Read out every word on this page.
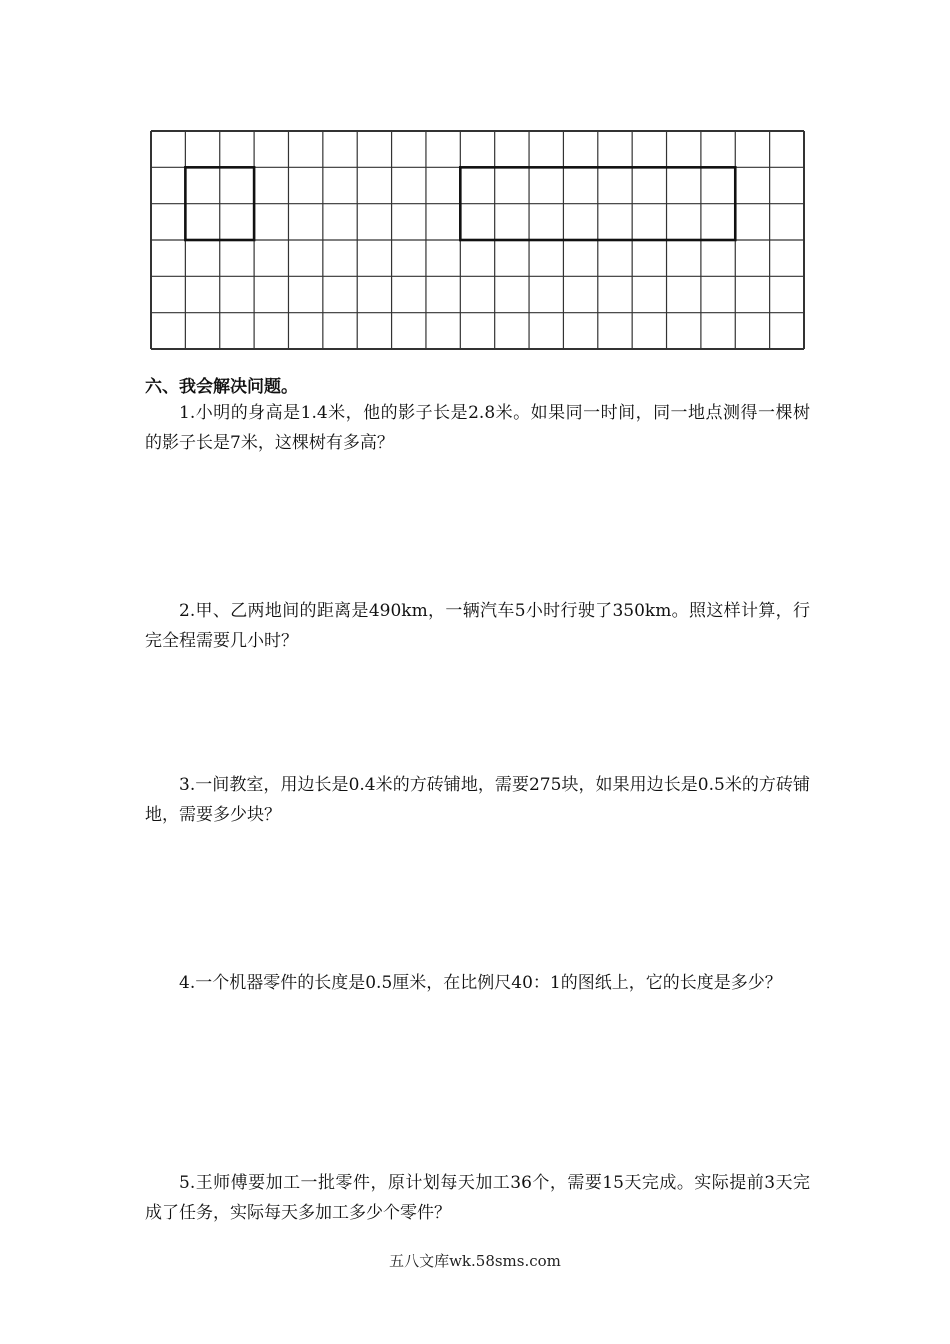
六、我会解决问题。

1.小明的身高是1.4米，他的影子长是2.8米。如果同一时间，同一地点测得一棵树的影子长是7米，这棵树有多高？

2.甲、乙两地间的距离是490km，一辆汽车5小时行驶了350km。照这样计算，行完全程需要几小时？

3.一间教室，用边长是0.4米的方砖铺地，需要275块，如果用边长是0.5米的方砖铺地，需要多少块？

4.一个机器零件的长度是0.5厘米，在比例尺40：1的图纸上，它的长度是多少？

5.王师傅要加工一批零件，原计划每天加工36个，需要15天完成。实际提前3天完成了任务，实际每天多加工多少个零件？

五八文库wk.58sms.com
